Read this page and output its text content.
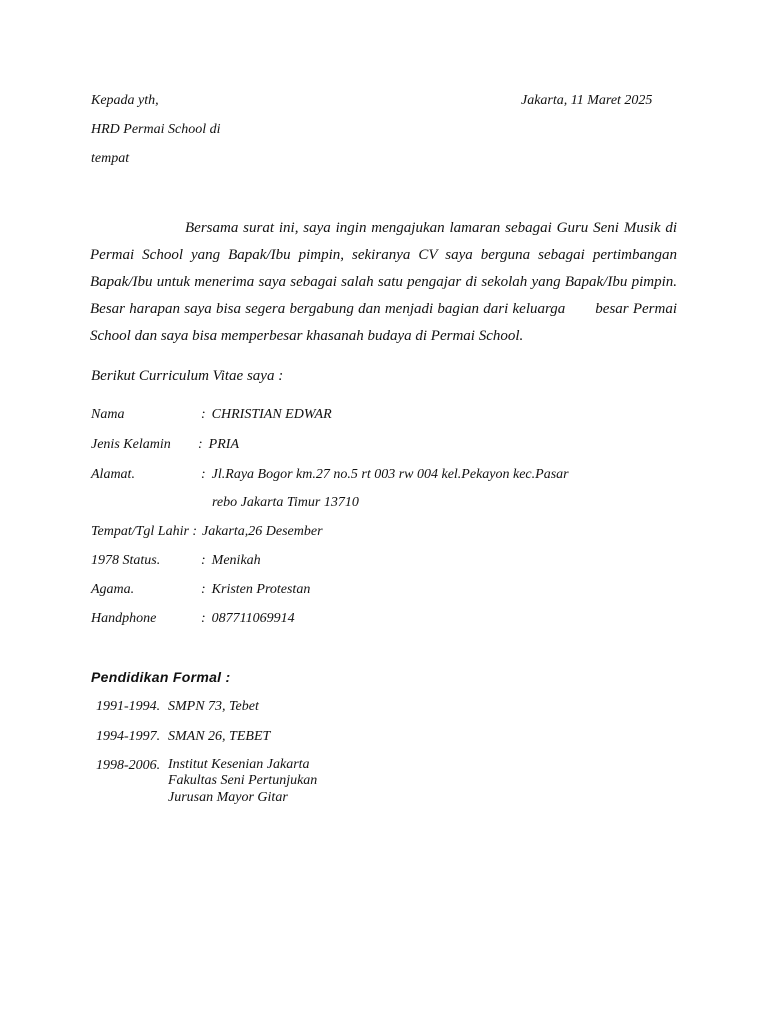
Kepada yth,
HRD Permai School di
tempat
Jakarta, 11 Maret 2025
Bersama surat ini, saya ingin mengajukan lamaran sebagai Guru Seni Musik di Permai School yang Bapak/Ibu pimpin, sekiranya CV saya berguna sebagai pertimbangan Bapak/Ibu untuk menerima saya sebagai salah satu pengajar di sekolah yang Bapak/Ibu pimpin. Besar harapan saya bisa segera bergabung dan menjadi bagian dari keluarga besar Permai School dan saya bisa memperbesar khasanah budaya di Permai School.
Berikut Curriculum Vitae saya :
Nama	: CHRISTIAN EDWAR
Jenis Kelamin : PRIA
Alamat.	: Jl.Raya Bogor km.27 no.5 rt 003 rw 004 kel.Pekayon kec.Pasar
rebo Jakarta Timur 13710
Tempat/Tgl Lahir : Jakarta,26 Desember
1978 Status.	: Menikah
Agama.	: Kristen Protestan
Handphone	: 087711069914
Pendidikan Formal :
1991-1994. SMPN 73, Tebet
1994-1997. SMAN 26, TEBET
1998-2006. Institut Kesenian Jakarta
Fakultas Seni Pertunjukan
Jurusan Mayor Gitar
